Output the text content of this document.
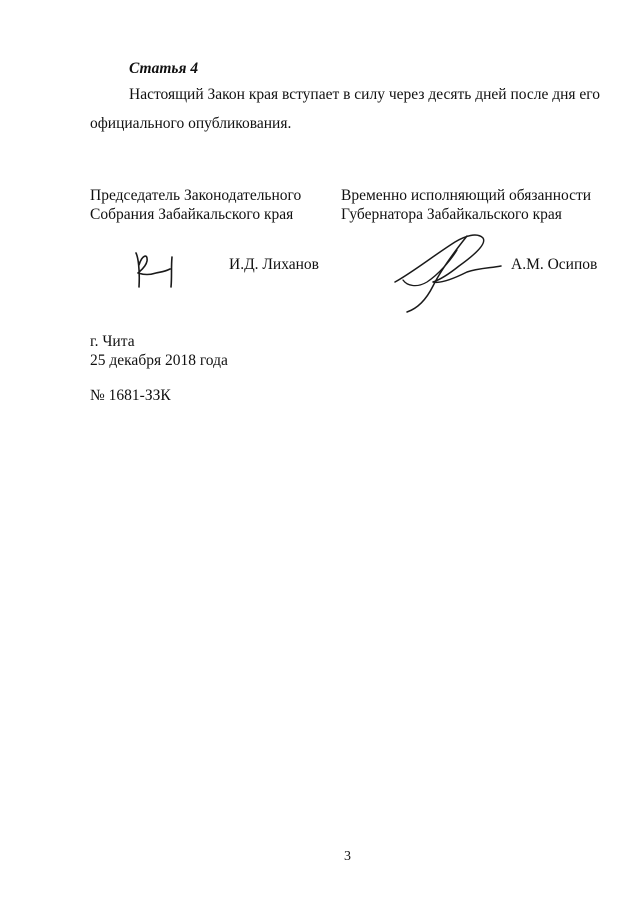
Статья 4
Настоящий Закон края вступает в силу через десять дней после дня его
официального опубликования.
Председатель Законодательного
Собрания Забайкальского края
Временно исполняющий обязанности
Губернатора Забайкальского края
И.Д. Лиханов	А.М. Осипов
г. Чита
25 декабря 2018 года
№ 1681-ЗЗК
3
